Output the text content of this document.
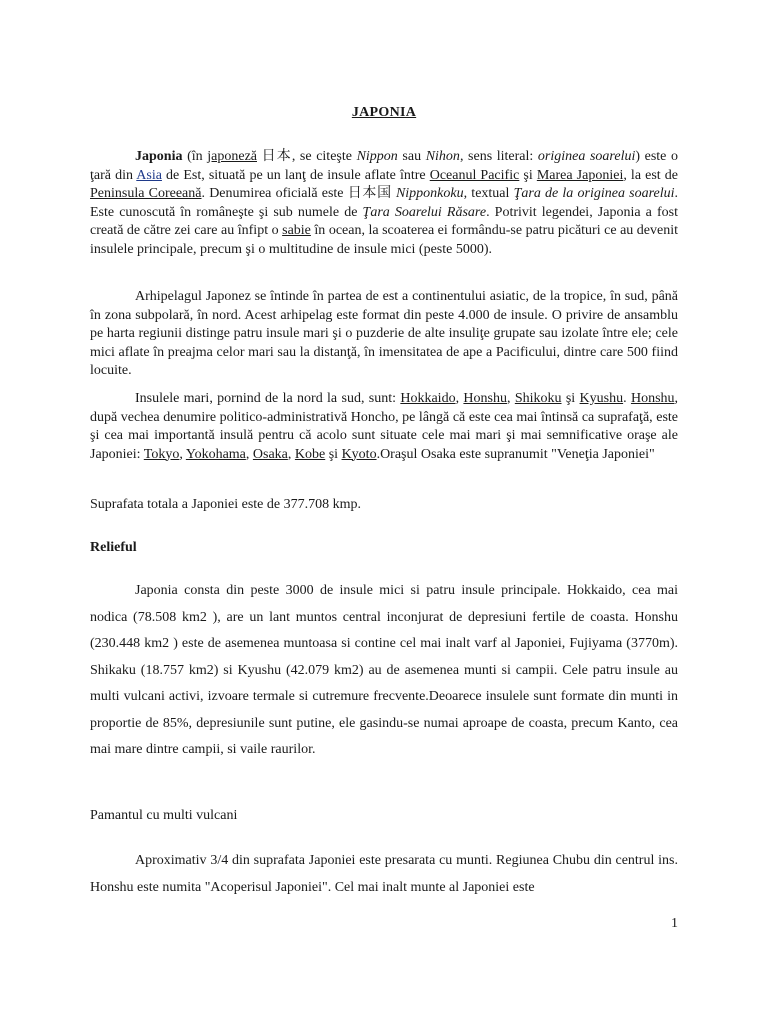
JAPONIA

Japonia (în japoneză 日本, se citeşte Nippon sau Nihon, sens literal: originea soarelui) este o ţară din Asia de Est, situată pe un lanţ de insule aflate între Oceanul Pacific şi Marea Japoniei, la est de Peninsula Coreeană. Denumirea oficială este 日本国 Nipponkoku, textual Ţara de la originea soarelui. Este cunoscută în româneşte şi sub numele de Ţara Soarelui Răsare. Potrivit legendei, Japonia a fost creată de către zei care au înfipt o sabie în ocean, la scoaterea ei formându-se patru picături ce au devenit insulele principale, precum şi o multitudine de insule mici (peste 5000).

Arhipelagul Japonez se întinde în partea de est a continentului asiatic, de la tropice, în sud, până în zona subpolară, în nord. Acest arhipelag este format din peste 4.000 de insule. O privire de ansamblu pe harta regiunii distinge patru insule mari şi o puzderie de alte insuliţe grupate sau izolate între ele; cele mici aflate în preajma celor mari sau la distanţă, în imensitatea de ape a Pacificului, dintre care 500 fiind locuite.

Insulele mari, pornind de la nord la sud, sunt: Hokkaido, Honshu, Shikoku şi Kyushu. Honshu, după vechea denumire politico-administrativă Honcho, pe lângă că este cea mai întinsă ca suprafaţă, este şi cea mai importantă insulă pentru că acolo sunt situate cele mai mari şi mai semnificative oraşe ale Japoniei: Tokyo, Yokohama, Osaka, Kobe şi Kyoto.Oraşul Osaka este supranumit "Veneţia Japoniei"

Suprafata totala a Japoniei este de 377.708 kmp.

Relieful

Japonia consta din peste 3000 de insule mici si patru insule principale. Hokkaido, cea mai nodica (78.508 km2 ), are un lant muntos central inconjurat de depresiuni fertile de coasta. Honshu (230.448 km2 ) este de asemenea muntoasa si contine cel mai inalt varf al Japoniei, Fujiyama (3770m). Shikaku (18.757 km2) si Kyushu (42.079 km2) au de asemenea munti si campii. Cele patru insule au multi vulcani activi, izvoare termale si cutremure frecvente.Deoarece insulele sunt formate din munti in proportie de 85%, depresiunile sunt putine, ele gasindu-se numai aproape de coasta, precum Kanto, cea mai mare dintre campii, si vaile raurilor.

Pamantul cu multi vulcani

Aproximativ 3/4 din suprafata Japoniei este presarata cu munti. Regiunea Chubu din centrul ins. Honshu este numita "Acoperisul Japoniei". Cel mai inalt munte al Japoniei este

1
